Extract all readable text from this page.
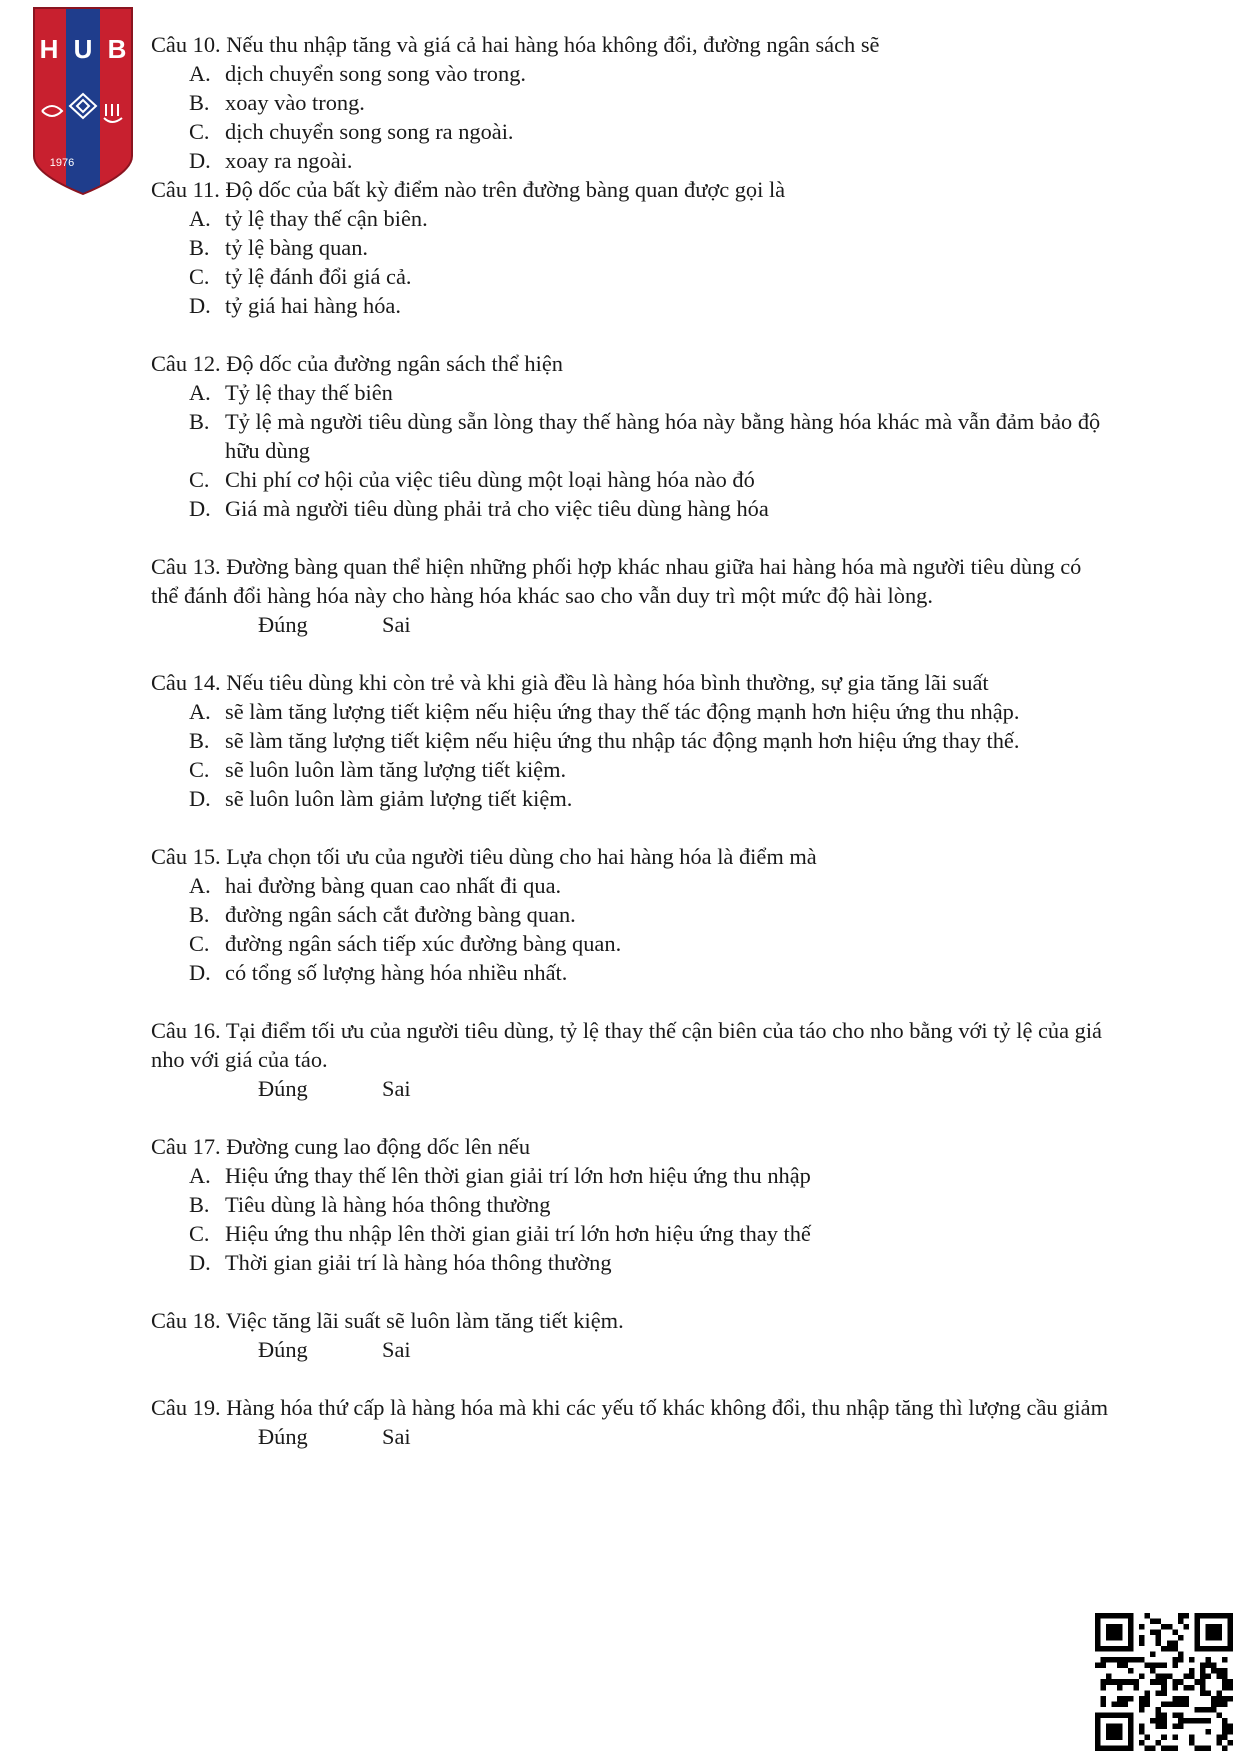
H U B
1976
Câu 10. Nếu thu nhập tăng và giá cả hai hàng hóa không đổi, đường ngân sách sẽ
A. dịch chuyển song song vào trong.
B. xoay vào trong.
C. dịch chuyển song song ra ngoài.
D. xoay ra ngoài.
Câu 11. Độ dốc của bất kỳ điểm nào trên đường bàng quan được gọi là
A. tỷ lệ thay thế cận biên.
B. tỷ lệ bàng quan.
C. tỷ lệ đánh đổi giá cả.
D. tỷ giá hai hàng hóa.
Câu 12. Độ dốc của đường ngân sách thể hiện
A. Tỷ lệ thay thế biên
B. Tỷ lệ mà người tiêu dùng sẵn lòng thay thế hàng hóa này bằng hàng hóa khác mà vẫn đảm bảo độ hữu dùng
C. Chi phí cơ hội của việc tiêu dùng một loại hàng hóa nào đó
D. Giá mà người tiêu dùng phải trả cho việc tiêu dùng hàng hóa
Câu 13. Đường bàng quan thể hiện những phối hợp khác nhau giữa hai hàng hóa mà người tiêu dùng có thể đánh đổi hàng hóa này cho hàng hóa khác sao cho vẫn duy trì một mức độ hài lòng.
Đúng	Sai
Câu 14. Nếu tiêu dùng khi còn trẻ và khi già đều là hàng hóa bình thường, sự gia tăng lãi suất
A. sẽ làm tăng lượng tiết kiệm nếu hiệu ứng thay thế tác động mạnh hơn hiệu ứng thu nhập.
B. sẽ làm tăng lượng tiết kiệm nếu hiệu ứng thu nhập tác động mạnh hơn hiệu ứng thay thế.
C. sẽ luôn luôn làm tăng lượng tiết kiệm.
D. sẽ luôn luôn làm giảm lượng tiết kiệm.
Câu 15. Lựa chọn tối ưu của người tiêu dùng cho hai hàng hóa là điểm mà
A. hai đường bàng quan cao nhất đi qua.
B. đường ngân sách cắt đường bàng quan.
C. đường ngân sách tiếp xúc đường bàng quan.
D. có tổng số lượng hàng hóa nhiều nhất.
Câu 16. Tại điểm tối ưu của người tiêu dùng, tỷ lệ thay thế cận biên của táo cho nho bằng với tỷ lệ của giá nho với giá của táo.
Đúng	Sai
Câu 17. Đường cung lao động dốc lên nếu
A. Hiệu ứng thay thế lên thời gian giải trí lớn hơn hiệu ứng thu nhập
B. Tiêu dùng là hàng hóa thông thường
C. Hiệu ứng thu nhập lên thời gian giải trí lớn hơn hiệu ứng thay thế
D. Thời gian giải trí là hàng hóa thông thường
Câu 18. Việc tăng lãi suất sẽ luôn làm tăng tiết kiệm.
Đúng	Sai
Câu 19. Hàng hóa thứ cấp là hàng hóa mà khi các yếu tố khác không đổi, thu nhập tăng thì lượng cầu giảm
Đúng	Sai
